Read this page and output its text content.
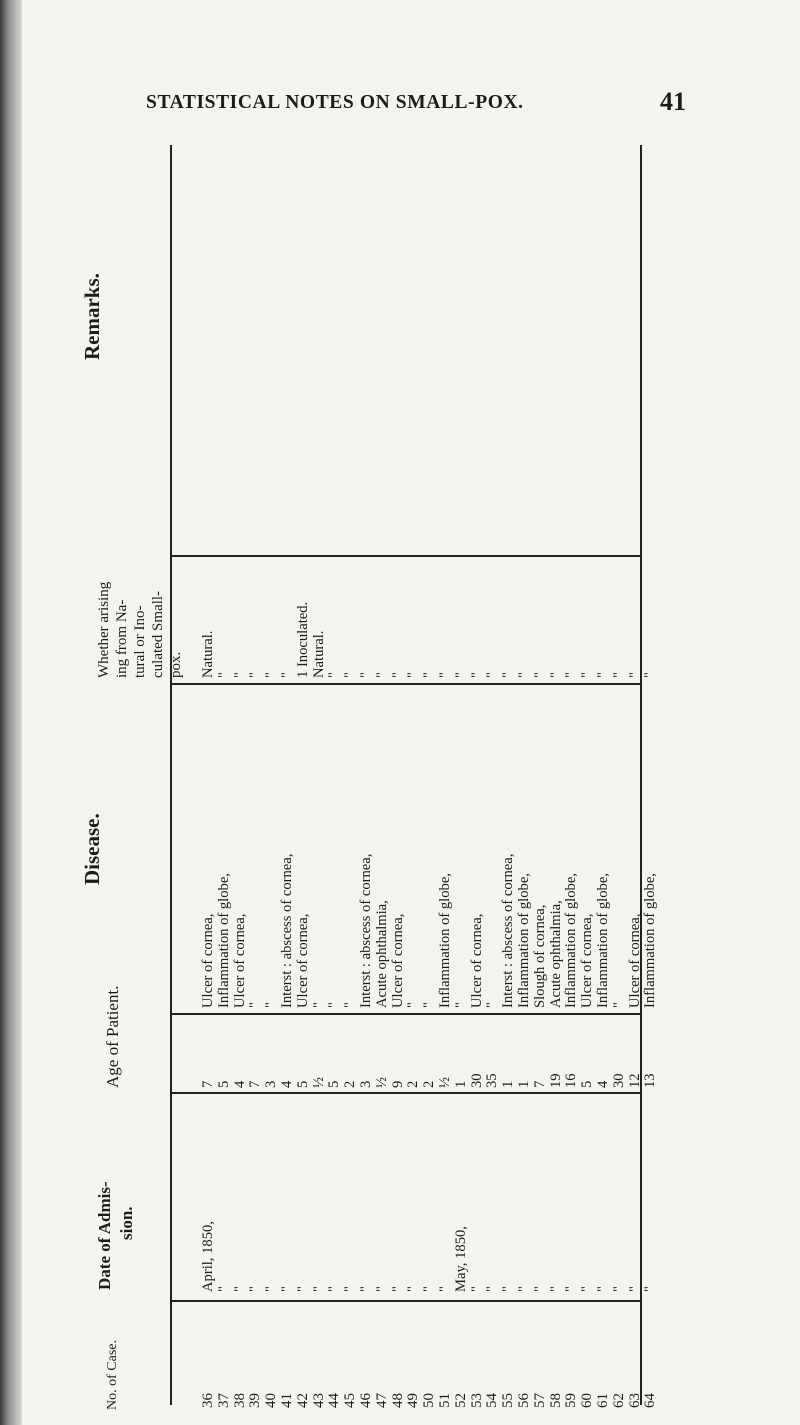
STATISTICAL NOTES ON SMALL-POX.	41
Remarks.
Disease.
Whether arising ing from Na- tural or Ino- culated Small- pox.
Age of Patient.
Date of Admis- sion.
No. of Case.
Natural.
Ulcer of cornea,
7
April, 1850,
36
"
Inflammation of globe,
5
"
37
"
Ulcer of cornea,
4
"
38
"
"
7
"
39
"
"
3
"
40
"
Interst : abscess of cornea,
4
"
41
1 Inoculated.
Ulcer of cornea,
5
"
42
Natural.
"
½
"
43
"
"
5
"
44
"
"
2
"
45
"
Interst : abscess of cornea,
3
"
46
"
Acute ophthalmia,
½
"
47
"
Ulcer of cornea,
9
"
48
"
"
2
"
49
"
"
2
"
50
"
Inflammation of globe,
½
"
51
"
"
1
May, 1850,
52
"
Ulcer of cornea,
30
"
53
"
"
35
"
54
"
Interst : abscess of cornea,
1
"
55
"
Inflammation of globe,
1
"
56
"
Slough of cornea,
7
"
57
"
Acute ophthalmia,
19
"
58
"
Inflammation of globe,
16
"
59
"
Ulcer of cornea,
5
"
60
"
Inflammation of globe,
4
"
61
"
"
30
"
62
"
Ulcer of cornea,
12
"
63
"
Inflammation of globe,
13
"
64
